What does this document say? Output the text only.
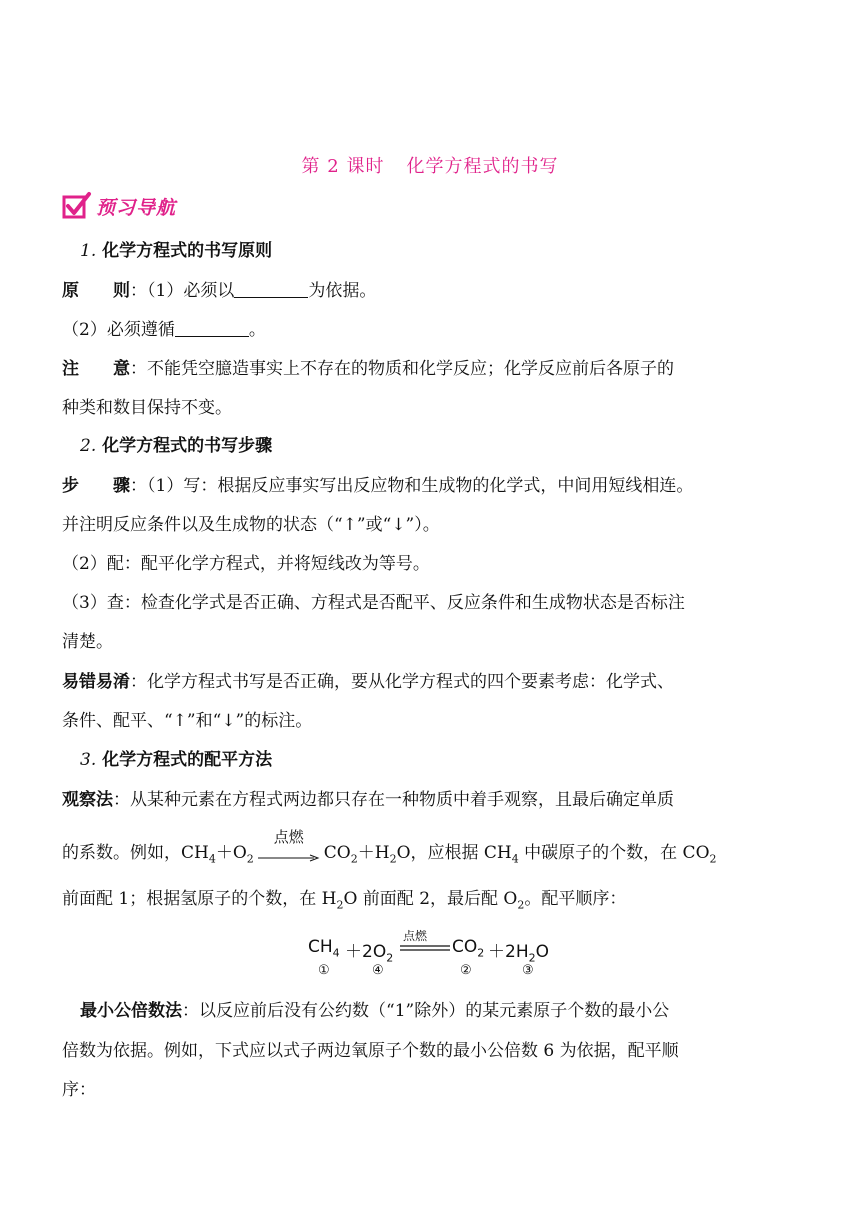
第 2 课时 化学方程式的书写
预习导航
1. 化学方程式的书写原则
原　　则：（1）必须以	为依据。
（2）必须遵循	。
注　　意：不能凭空臆造事实上不存在的物质和化学反应；化学反应前后各原子的
种类和数目保持不变。
2. 化学方程式的书写步骤
步　　骤：（1）写：根据反应事实写出反应物和生成物的化学式，中间用短线相连。
并注明反应条件以及生成物的状态（“↑”或“↓”）。
（2）配：配平化学方程式，并将短线改为等号。
（3）查：检查化学式是否正确、方程式是否配平、反应条件和生成物状态是否标注
清楚。
易错易淆：化学方程式书写是否正确，要从化学方程式的四个要素考虑：化学式、
条件、配平、“↑”和“↓”的标注。
3. 化学方程式的配平方法
观察法：从某种元素在方程式两边都只存在一种物质中着手观察，且最后确定单质
的系数。例如，$CH_4+O_2$
点燃
$CO_2+H_2O$，应根据 $CH_4$ 中碳原子的个数，在 $CO_2$
前面配 1；根据氢原子的个数，在 $H_2O$ 前面配 2，最后配 $O_2$。配平顺序：
$CH_4 +2O_2$
点燃
$CO_2 +2H_2O$
①	④	②	③
最小公倍数法：以反应前后没有公约数（“1”除外）的某元素原子个数的最小公
倍数为依据。例如，下式应以式子两边氧原子个数的最小公倍数 6 为依据，配平顺
序：
